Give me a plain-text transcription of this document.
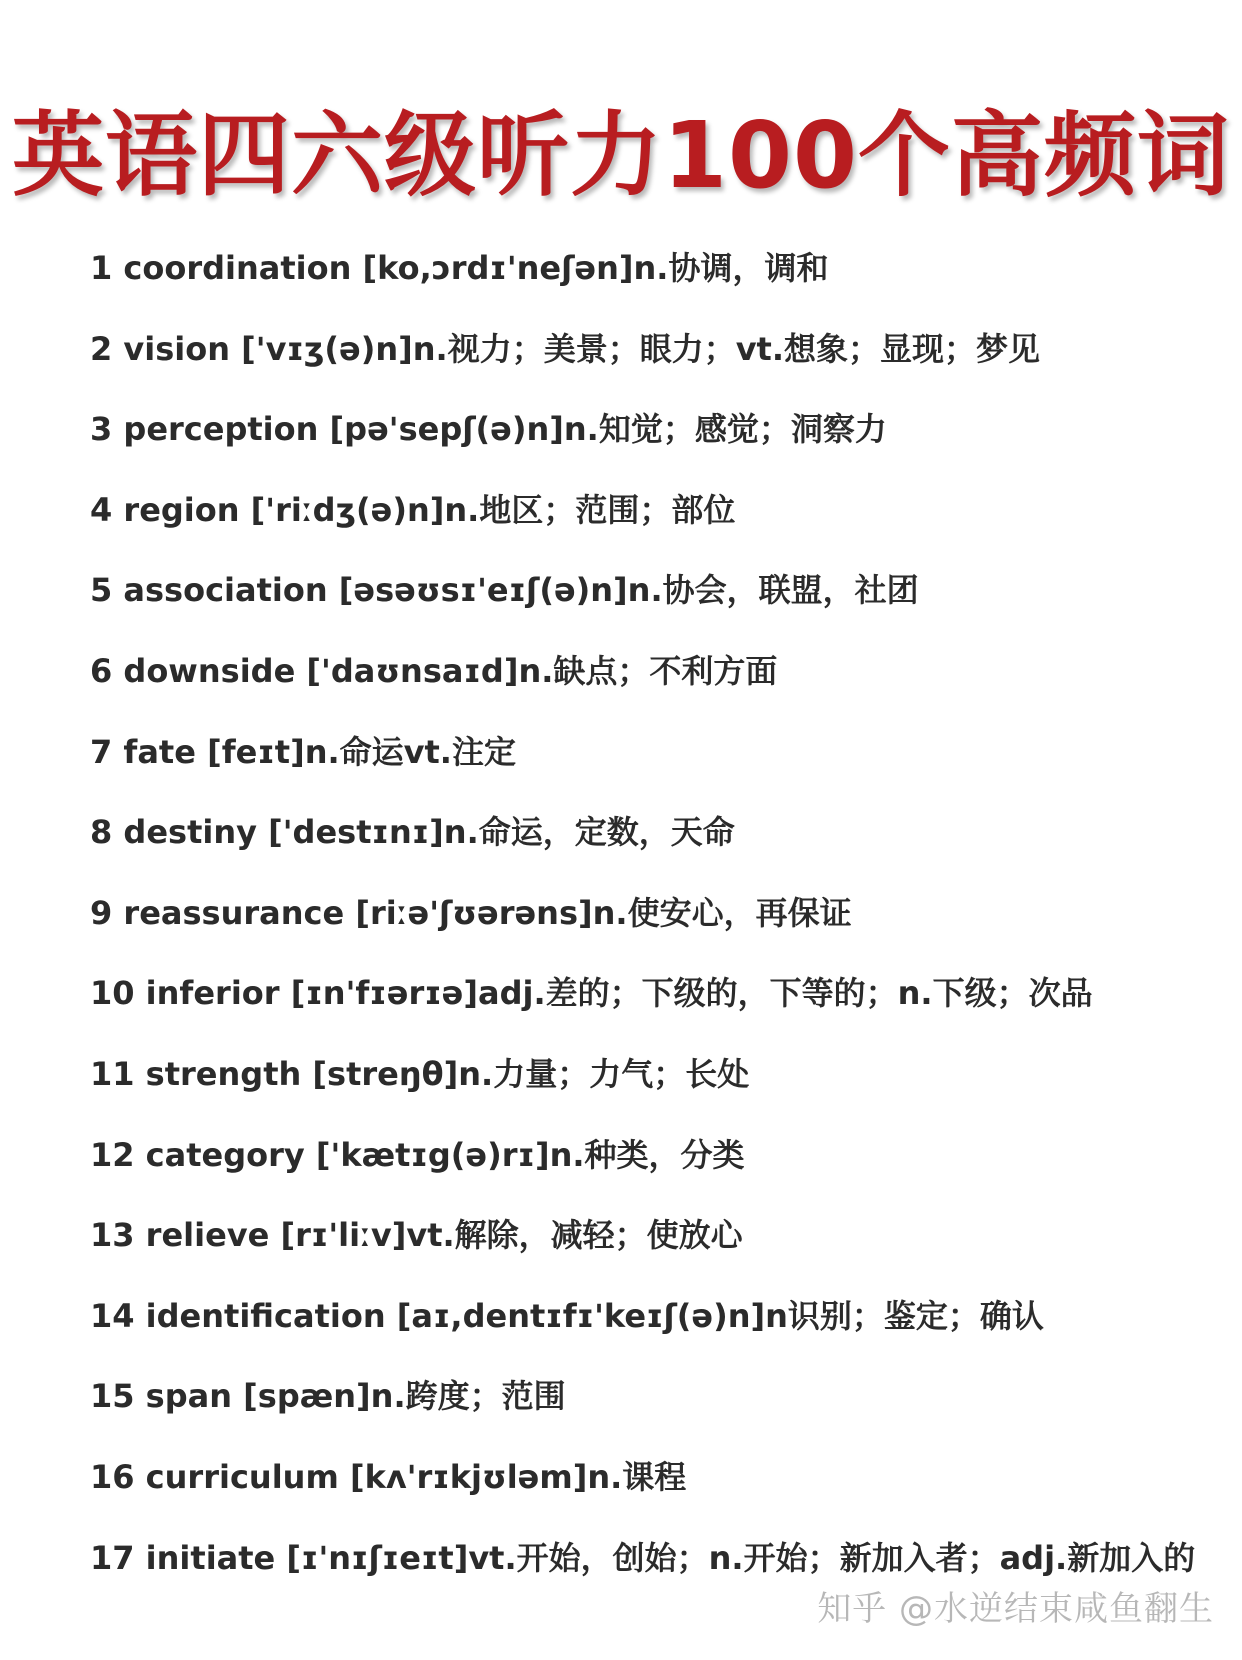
英语四六级听力100个高频词
1 coordination [ko,ɔrdɪ'neʃən]n.协调，调和
2 vision ['vɪʒ(ə)n]n.视力；美景；眼力；vt.想象；显现；梦见
3 perception [pə'sepʃ(ə)n]n.知觉；感觉；洞察力
4 region ['riːdʒ(ə)n]n.地区；范围；部位
5 association [əsəʊsɪ'eɪʃ(ə)n]n.协会，联盟，社团
6 downside ['daʊnsaɪd]n.缺点；不利方面
7 fate [feɪt]n.命运vt.注定
8 destiny ['destɪnɪ]n.命运，定数，天命
9 reassurance [riːə'ʃʊərəns]n.使安心，再保证
10 inferior [ɪn'fɪərɪə]adj.差的；下级的，下等的；n.下级；次品
11 strength [streŋθ]n.力量；力气；长处
12 category ['kætɪg(ə)rɪ]n.种类，分类
13 relieve [rɪ'liːv]vt.解除，减轻；使放心
14 identification [aɪ,dentɪfɪ'keɪʃ(ə)n]n识别；鉴定；确认
15 span [spæn]n.跨度；范围
16 curriculum [kʌ'rɪkjʊləm]n.课程
17 initiate [ɪ'nɪʃɪeɪt]vt.开始，创始；n.开始；新加入者；adj.新加入的
知乎 @水逆结束咸鱼翻生
